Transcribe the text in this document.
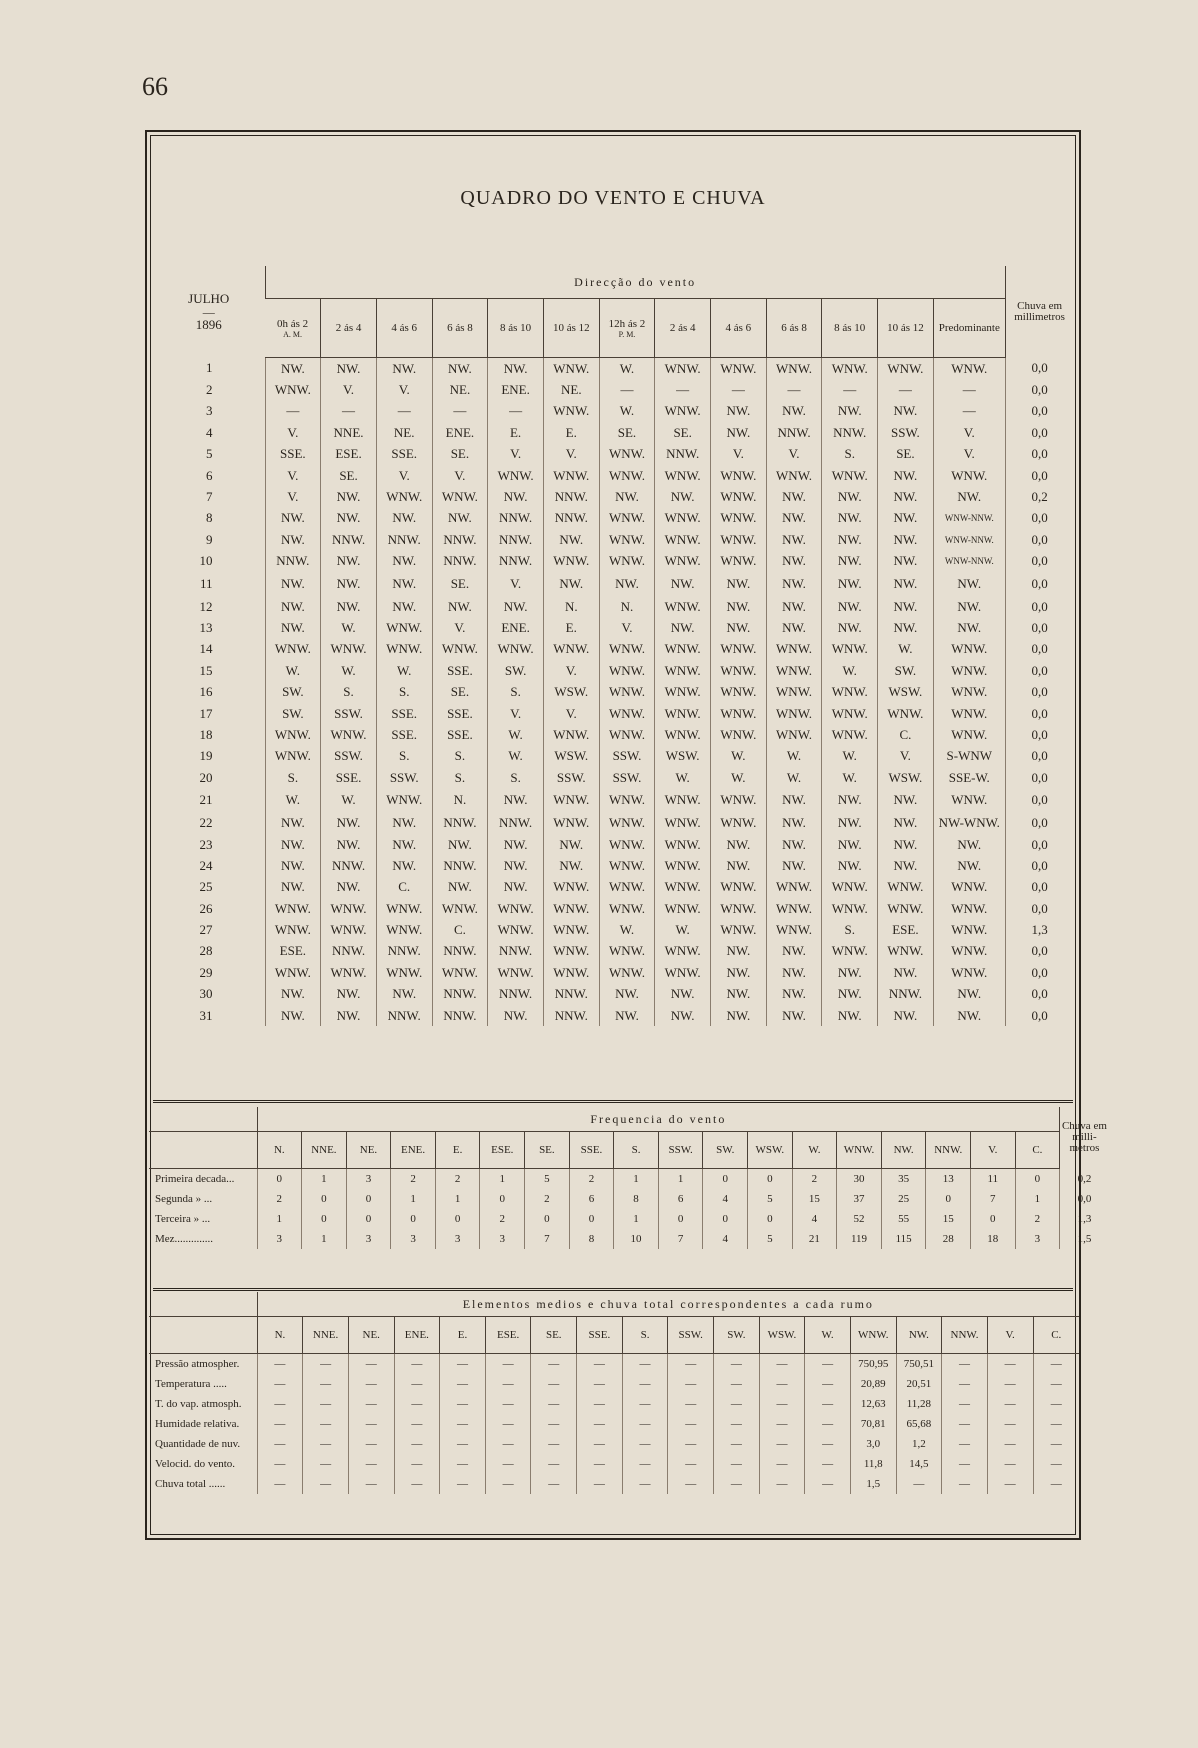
66
QUADRO DO VENTO E CHUVA
JULHO
—
1896	Direcção do vento													Chuva em millimetros
	0h ás 2
A. M.	2 ás 4	4 ás 6	6 ás 8	8 ás 10	10 ás 12	12h ás 2
P. M.	2 ás 4	4 ás 6	6 ás 8	8 ás 10	10 ás 12	Predominante	
1	NW.	NW.	NW.	NW.	NW.	WNW.	W.	WNW.	WNW.	WNW.	WNW.	WNW.	WNW.	0,0
2	WNW.	V.	V.	NE.	ENE.	NE.	—	—	—	—	—	—	—	0,0
3	—	—	—	—	—	WNW.	W.	WNW.	NW.	NW.	NW.	NW.	—	0,0
4	V.	NNE.	NE.	ENE.	E.	E.	SE.	SE.	NW.	NNW.	NNW.	SSW.	V.	0,0
5	SSE.	ESE.	SSE.	SE.	V.	V.	WNW.	NNW.	V.	V.	S.	SE.	V.	0,0
6	V.	SE.	V.	V.	WNW.	WNW.	WNW.	WNW.	WNW.	WNW.	WNW.	NW.	WNW.	0,0
7	V.	NW.	WNW.	WNW.	NW.	NNW.	NW.	NW.	WNW.	NW.	NW.	NW.	NW.	0,2
8	NW.	NW.	NW.	NW.	NNW.	NNW.	WNW.	WNW.	WNW.	NW.	NW.	NW.	WNW-NNW.	0,0
9	NW.	NNW.	NNW.	NNW.	NNW.	NW.	WNW.	WNW.	WNW.	NW.	NW.	NW.	WNW-NNW.	0,0
10	NNW.	NW.	NW.	NNW.	NNW.	WNW.	WNW.	WNW.	WNW.	NW.	NW.	NW.	WNW-NNW.	0,0
11	NW.	NW.	NW.	SE.	V.	NW.	NW.	NW.	NW.	NW.	NW.	NW.	NW.	0,0
12	NW.	NW.	NW.	NW.	NW.	N.	N.	WNW.	NW.	NW.	NW.	NW.	NW.	0,0
13	NW.	W.	WNW.	V.	ENE.	E.	V.	NW.	NW.	NW.	NW.	NW.	NW.	0,0
14	WNW.	WNW.	WNW.	WNW.	WNW.	WNW.	WNW.	WNW.	WNW.	WNW.	WNW.	W.	WNW.	0,0
15	W.	W.	W.	SSE.	SW.	V.	WNW.	WNW.	WNW.	WNW.	W.	SW.	WNW.	0,0
16	SW.	S.	S.	SE.	S.	WSW.	WNW.	WNW.	WNW.	WNW.	WNW.	WSW.	WNW.	0,0
17	SW.	SSW.	SSE.	SSE.	V.	V.	WNW.	WNW.	WNW.	WNW.	WNW.	WNW.	WNW.	0,0
18	WNW.	WNW.	SSE.	SSE.	W.	WNW.	WNW.	WNW.	WNW.	WNW.	WNW.	C.	WNW.	0,0
19	WNW.	SSW.	S.	S.	W.	WSW.	SSW.	WSW.	W.	W.	W.	V.	S-WNW	0,0
20	S.	SSE.	SSW.	S.	S.	SSW.	SSW.	W.	W.	W.	W.	WSW.	SSE-W.	0,0
21	W.	W.	WNW.	N.	NW.	WNW.	WNW.	WNW.	WNW.	NW.	NW.	NW.	WNW.	0,0
22	NW.	NW.	NW.	NNW.	NNW.	WNW.	WNW.	WNW.	WNW.	NW.	NW.	NW.	NW-WNW.	0,0
23	NW.	NW.	NW.	NW.	NW.	NW.	WNW.	WNW.	NW.	NW.	NW.	NW.	NW.	0,0
24	NW.	NNW.	NW.	NNW.	NW.	NW.	WNW.	WNW.	NW.	NW.	NW.	NW.	NW.	0,0
25	NW.	NW.	C.	NW.	NW.	WNW.	WNW.	WNW.	WNW.	WNW.	WNW.	WNW.	WNW.	0,0
26	WNW.	WNW.	WNW.	WNW.	WNW.	WNW.	WNW.	WNW.	WNW.	WNW.	WNW.	WNW.	WNW.	0,0
27	WNW.	WNW.	WNW.	C.	WNW.	WNW.	W.	W.	WNW.	WNW.	S.	ESE.	WNW.	1,3
28	ESE.	NNW.	NNW.	NNW.	NNW.	WNW.	WNW.	WNW.	NW.	NW.	WNW.	WNW.	WNW.	0,0
29	WNW.	WNW.	WNW.	WNW.	WNW.	WNW.	WNW.	WNW.	NW.	NW.	NW.	NW.	WNW.	0,0
30	NW.	NW.	NW.	NNW.	NNW.	NNW.	NW.	NW.	NW.	NW.	NW.	NNW.	NW.	0,0
31	NW.	NW.	NNW.	NNW.	NW.	NNW.	NW.	NW.	NW.	NW.	NW.	NW.	NW.	0,0
	Frequencia do vento																		Chuva em milli-metros
	N.	NNE.	NE.	ENE.	E.	ESE.	SE.	SSE.	S.	SSW.	SW.	WSW.	W.	WNW.	NW.	NNW.	V.	C.	
Primeira decada...	0	1	3	2	2	1	5	2	1	1	0	0	2	30	35	13	11	0	0,2
Segunda » ...	2	0	0	1	1	0	2	6	8	6	4	5	15	37	25	0	7	1	0,0
Terceira » ...	1	0	0	0	0	2	0	0	1	0	0	0	4	52	55	15	0	2	1,3
Mez..............	3	1	3	3	3	3	7	8	10	7	4	5	21	119	115	28	18	3	1,5
	Elementos medios e chuva total correspondentes a cada rumo																	
	N.	NNE.	NE.	ENE.	E.	ESE.	SE.	SSE.	S.	SSW.	SW.	WSW.	W.	WNW.	NW.	NNW.	V.	C.
Pressão atmospher.	—	—	—	—	—	—	—	—	—	—	—	—	—	750,95	750,51	—	—	—
Temperatura .....	—	—	—	—	—	—	—	—	—	—	—	—	—	20,89	20,51	—	—	—
T. do vap. atmosph.	—	—	—	—	—	—	—	—	—	—	—	—	—	12,63	11,28	—	—	—
Humidade relativa.	—	—	—	—	—	—	—	—	—	—	—	—	—	70,81	65,68	—	—	—
Quantidade de nuv.	—	—	—	—	—	—	—	—	—	—	—	—	—	3,0	1,2	—	—	—
Velocid. do vento.	—	—	—	—	—	—	—	—	—	—	—	—	—	11,8	14,5	—	—	—
Chuva total ......	—	—	—	—	—	—	—	—	—	—	—	—	—	1,5	—	—	—	—
